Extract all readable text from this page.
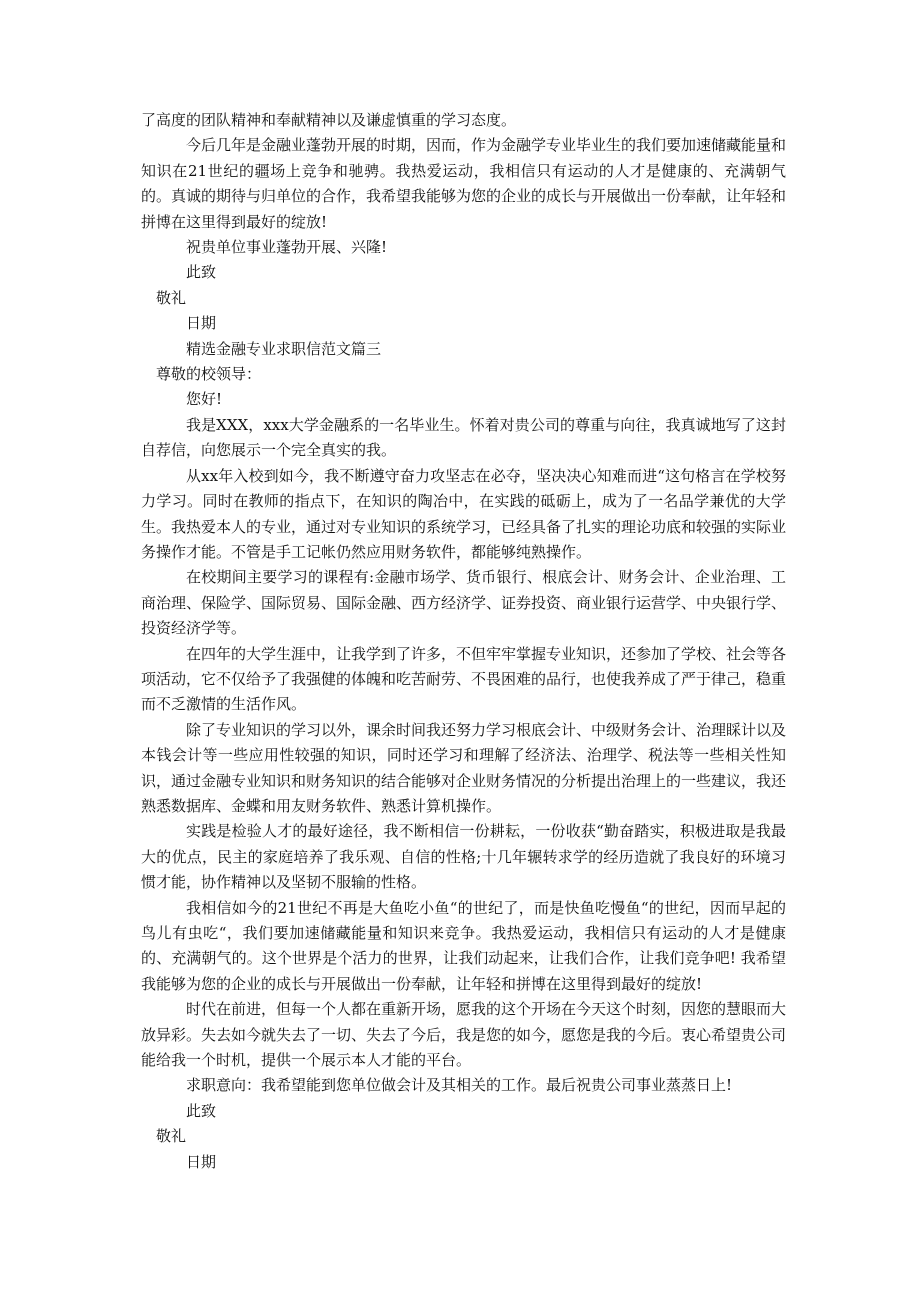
了高度的团队精神和奉献精神以及谦虚慎重的学习态度。

今后几年是金融业蓬勃开展的时期，因而，作为金融学专业毕业生的我们要加速储藏能量和知识在21世纪的疆场上竞争和驰骋。我热爱运动，我相信只有运动的人才是健康的、充满朝气的。真诚的期待与归单位的合作，我希望我能够为您的企业的成长与开展做出一份奉献，让年轻和拼博在这里得到最好的绽放!

祝贵单位事业蓬勃开展、兴隆!

此致

敬礼

日期

精选金融专业求职信范文篇三

尊敬的校领导：

您好!

我是XXX，xxx大学金融系的一名毕业生。怀着对贵公司的尊重与向往，我真诚地写了这封自荐信，向您展示一个完全真实的我。

从xx年入校到如今，我不断遵守奋力攻坚志在必夺，坚决决心知难而进“这句格言在学校努力学习。同时在教师的指点下，在知识的陶冶中，在实践的砥砺上，成为了一名品学兼优的大学生。我热爱本人的专业，通过对专业知识的系统学习，已经具备了扎实的理论功底和较强的实际业务操作才能。不管是手工记帐仍然应用财务软件，都能够纯熟操作。

在校期间主要学习的课程有:金融市场学、货币银行、根底会计、财务会计、企业治理、工商治理、保险学、国际贸易、国际金融、西方经济学、证券投资、商业银行运营学、中央银行学、投资经济学等。

在四年的大学生涯中，让我学到了许多，不但牢牢掌握专业知识，还参加了学校、社会等各项活动，它不仅给予了我强健的体魄和吃苦耐劳、不畏困难的品行，也使我养成了严于律己，稳重而不乏激情的生活作风。

除了专业知识的学习以外，课余时间我还努力学习根底会计、中级财务会计、治理睬计以及本钱会计等一些应用性较强的知识，同时还学习和理解了经济法、治理学、税法等一些相关性知识，通过金融专业知识和财务知识的结合能够对企业财务情况的分析提出治理上的一些建议，我还熟悉数据库、金蝶和用友财务软件、熟悉计算机操作。

实践是检验人才的最好途径，我不断相信一份耕耘，一份收获“勤奋踏实，积极进取是我最大的优点，民主的家庭培养了我乐观、自信的性格;十几年辗转求学的经历造就了我良好的环境习惯才能，协作精神以及坚韧不服输的性格。

我相信如今的21世纪不再是大鱼吃小鱼“的世纪了，而是快鱼吃慢鱼“的世纪，因而早起的鸟儿有虫吃“，我们要加速储藏能量和知识来竞争。我热爱运动，我相信只有运动的人才是健康的、充满朝气的。这个世界是个活力的世界，让我们动起来，让我们合作，让我们竞争吧! 我希望我能够为您的企业的成长与开展做出一份奉献，让年轻和拼博在这里得到最好的绽放!

时代在前进，但每一个人都在重新开场，愿我的这个开场在今天这个时刻，因您的慧眼而大放异彩。失去如今就失去了一切、失去了今后，我是您的如今，愿您是我的今后。衷心希望贵公司能给我一个时机，提供一个展示本人才能的平台。

求职意向：我希望能到您单位做会计及其相关的工作。最后祝贵公司事业蒸蒸日上!

此致

敬礼

日期
